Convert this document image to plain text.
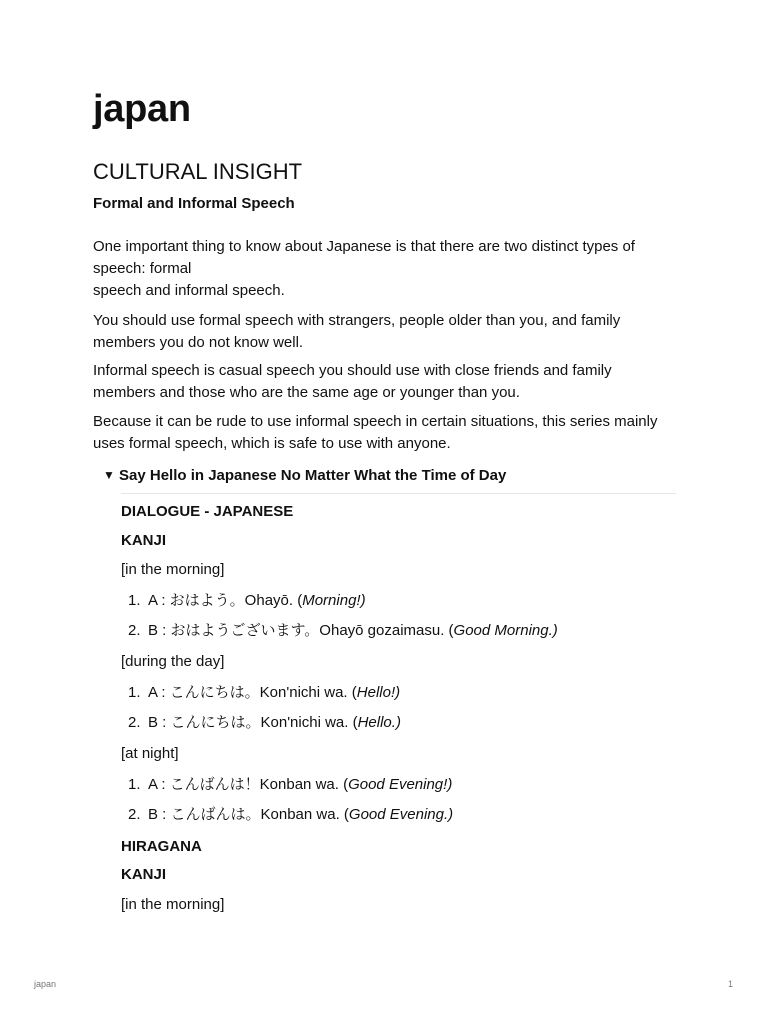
japan
CULTURAL INSIGHT
Formal and Informal Speech
One important thing to know about Japanese is that there are two distinct types of speech: formal
speech and informal speech.
You should use formal speech with strangers, people older than you, and family members you do not know well.
Informal speech is casual speech you should use with close friends and family members and those who are the same age or younger than you.
Because it can be rude to use informal speech in certain situations, this series mainly uses formal speech, which is safe to use with anyone.
▼ Say Hello in Japanese No Matter What the Time of Day
DIALOGUE - JAPANESE
KANJI
[in the morning]
1. A : おはよう。Ohayō. (Morning!)
2. B : おはようございます。Ohayō gozaimasu. (Good Morning.)
[during the day]
1. A : こんにちは。Kon'nichi wa. (Hello!)
2. B : こんにちは。Kon'nichi wa. (Hello.)
[at night]
1. A : こんばんは！Konban wa. (Good Evening!)
2. B : こんばんは。Konban wa. (Good Evening.)
HIRAGANA
KANJI
[in the morning]
japan	1
